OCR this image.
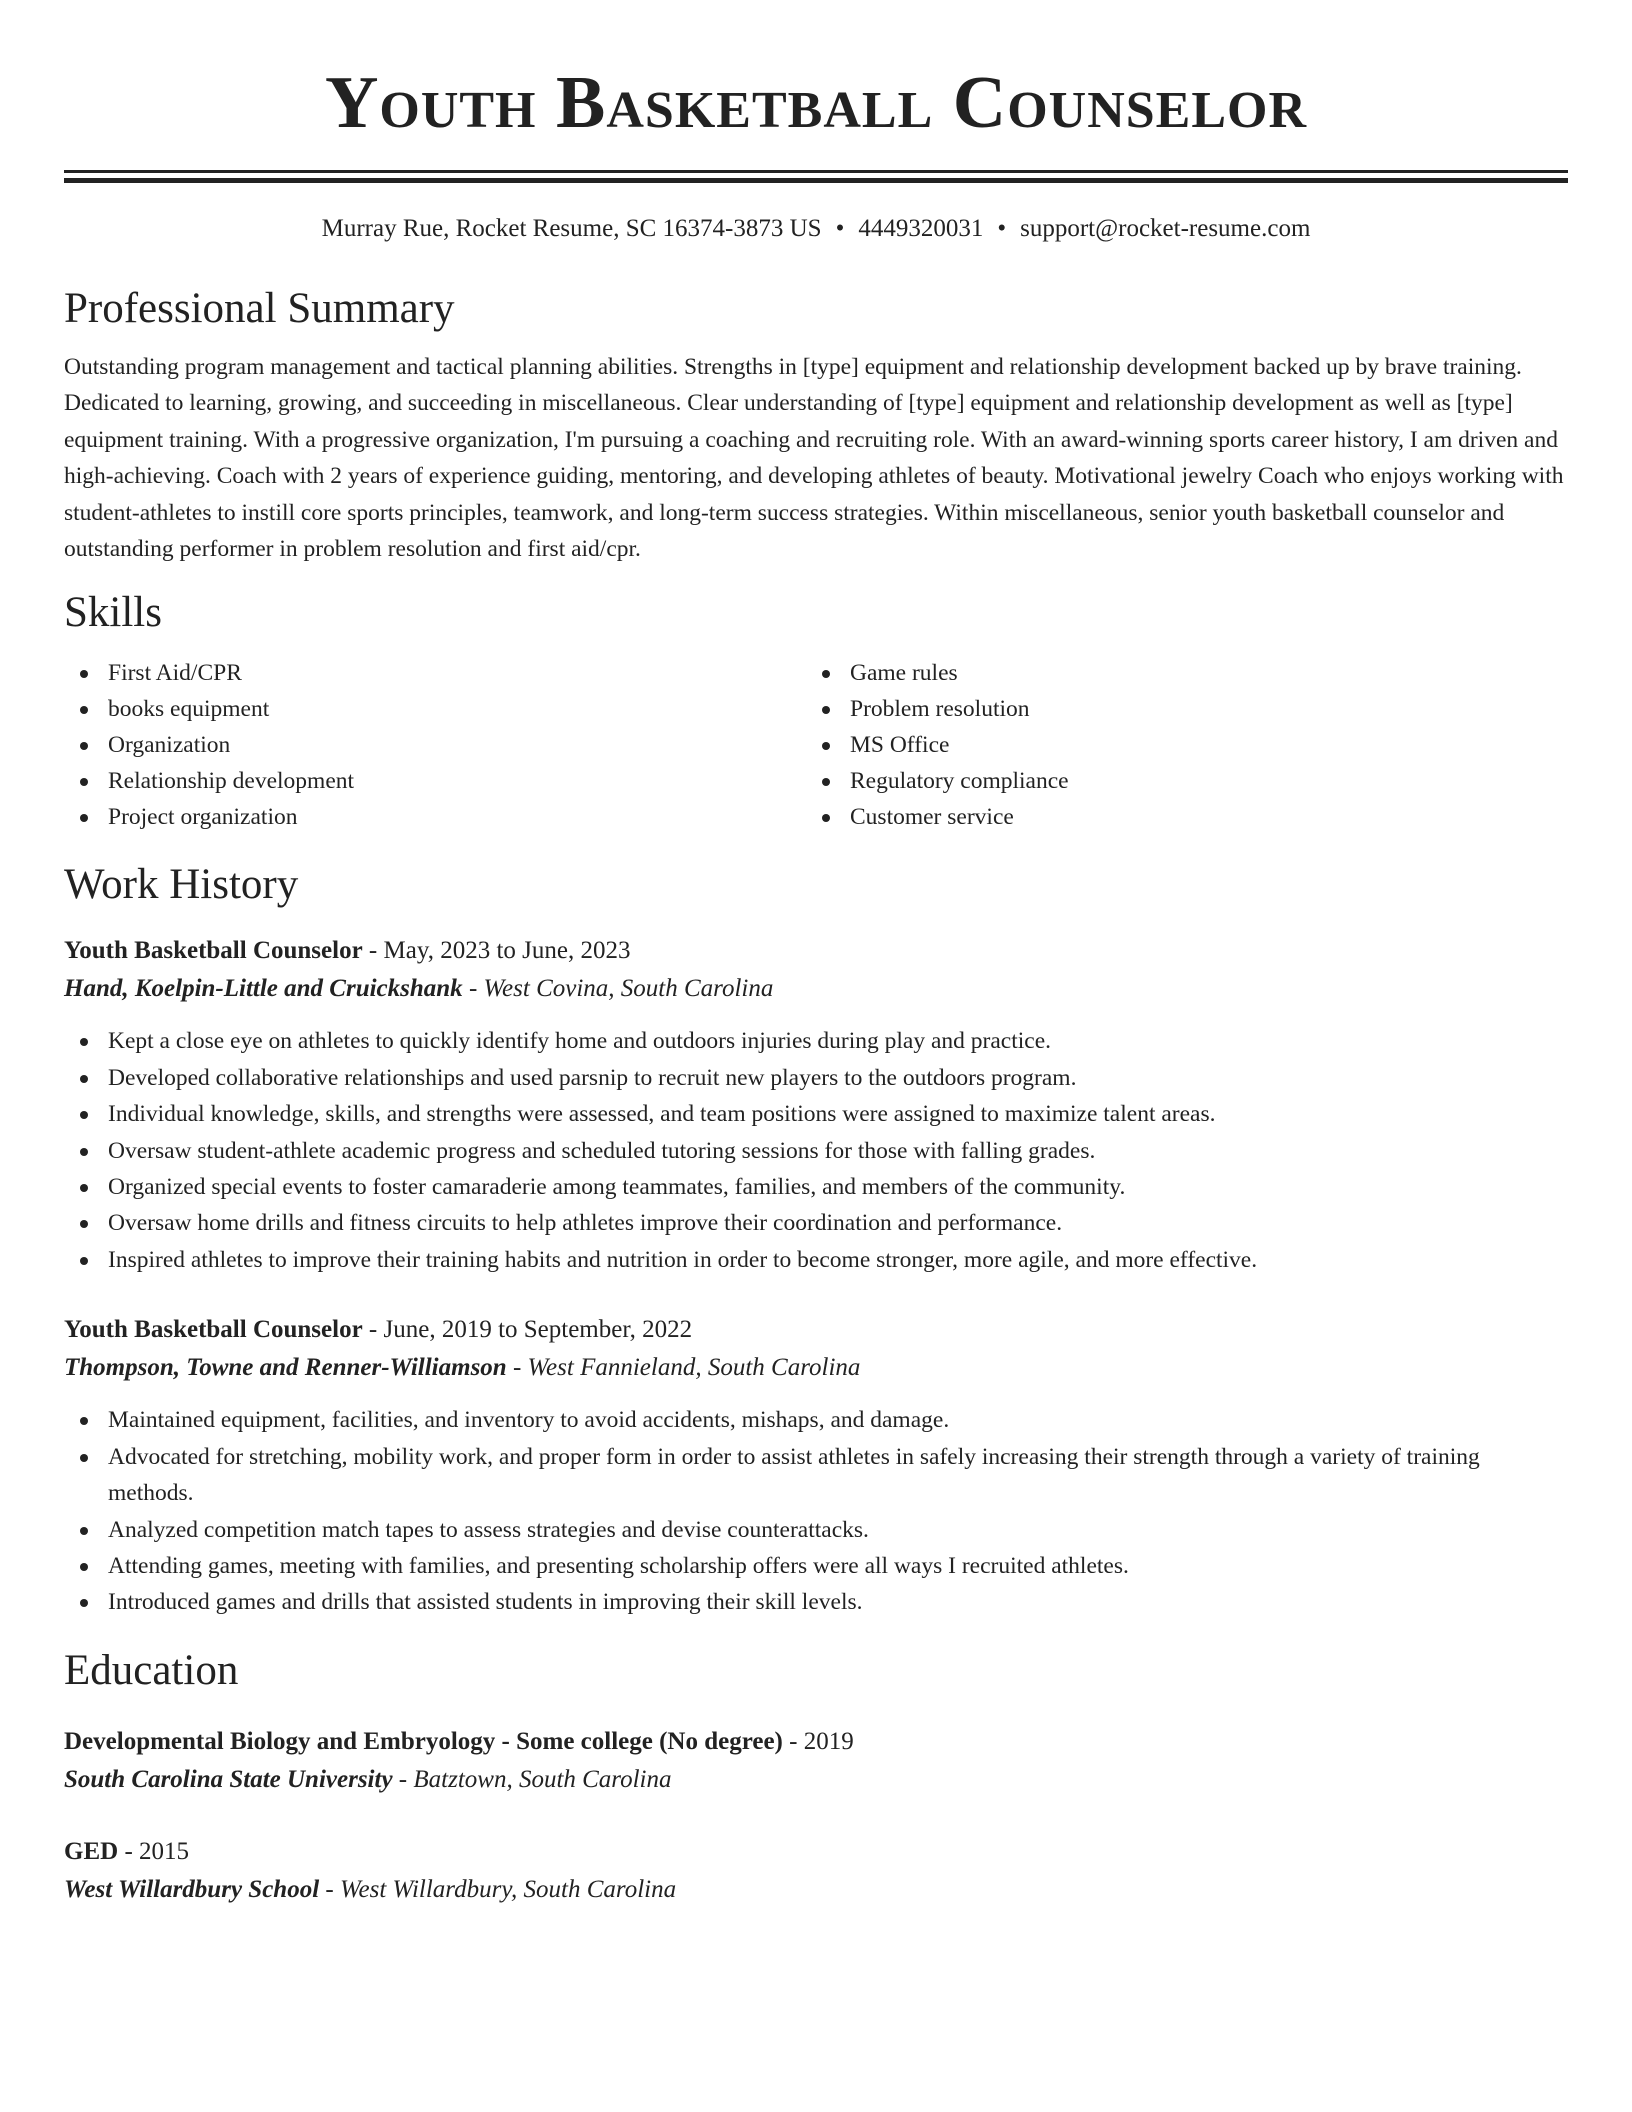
Youth Basketball Counselor
Murray Rue, Rocket Resume, SC 16374-3873 US • 4449320031 • support@rocket-resume.com
Professional Summary
Outstanding program management and tactical planning abilities. Strengths in [type] equipment and relationship development backed up by brave training. Dedicated to learning, growing, and succeeding in miscellaneous. Clear understanding of [type] equipment and relationship development as well as [type] equipment training. With a progressive organization, I'm pursuing a coaching and recruiting role. With an award-winning sports career history, I am driven and high-achieving. Coach with 2 years of experience guiding, mentoring, and developing athletes of beauty. Motivational jewelry Coach who enjoys working with student-athletes to instill core sports principles, teamwork, and long-term success strategies. Within miscellaneous, senior youth basketball counselor and outstanding performer in problem resolution and first aid/cpr.
Skills
First Aid/CPR
books equipment
Organization
Relationship development
Project organization
Game rules
Problem resolution
MS Office
Regulatory compliance
Customer service
Work History
Youth Basketball Counselor - May, 2023 to June, 2023
Hand, Koelpin-Little and Cruickshank - West Covina, South Carolina
Kept a close eye on athletes to quickly identify home and outdoors injuries during play and practice.
Developed collaborative relationships and used parsnip to recruit new players to the outdoors program.
Individual knowledge, skills, and strengths were assessed, and team positions were assigned to maximize talent areas.
Oversaw student-athlete academic progress and scheduled tutoring sessions for those with falling grades.
Organized special events to foster camaraderie among teammates, families, and members of the community.
Oversaw home drills and fitness circuits to help athletes improve their coordination and performance.
Inspired athletes to improve their training habits and nutrition in order to become stronger, more agile, and more effective.
Youth Basketball Counselor - June, 2019 to September, 2022
Thompson, Towne and Renner-Williamson - West Fannieland, South Carolina
Maintained equipment, facilities, and inventory to avoid accidents, mishaps, and damage.
Advocated for stretching, mobility work, and proper form in order to assist athletes in safely increasing their strength through a variety of training methods.
Analyzed competition match tapes to assess strategies and devise counterattacks.
Attending games, meeting with families, and presenting scholarship offers were all ways I recruited athletes.
Introduced games and drills that assisted students in improving their skill levels.
Education
Developmental Biology and Embryology - Some college (No degree) - 2019
South Carolina State University - Batztown, South Carolina
GED - 2015
West Willardbury School - West Willardbury, South Carolina
